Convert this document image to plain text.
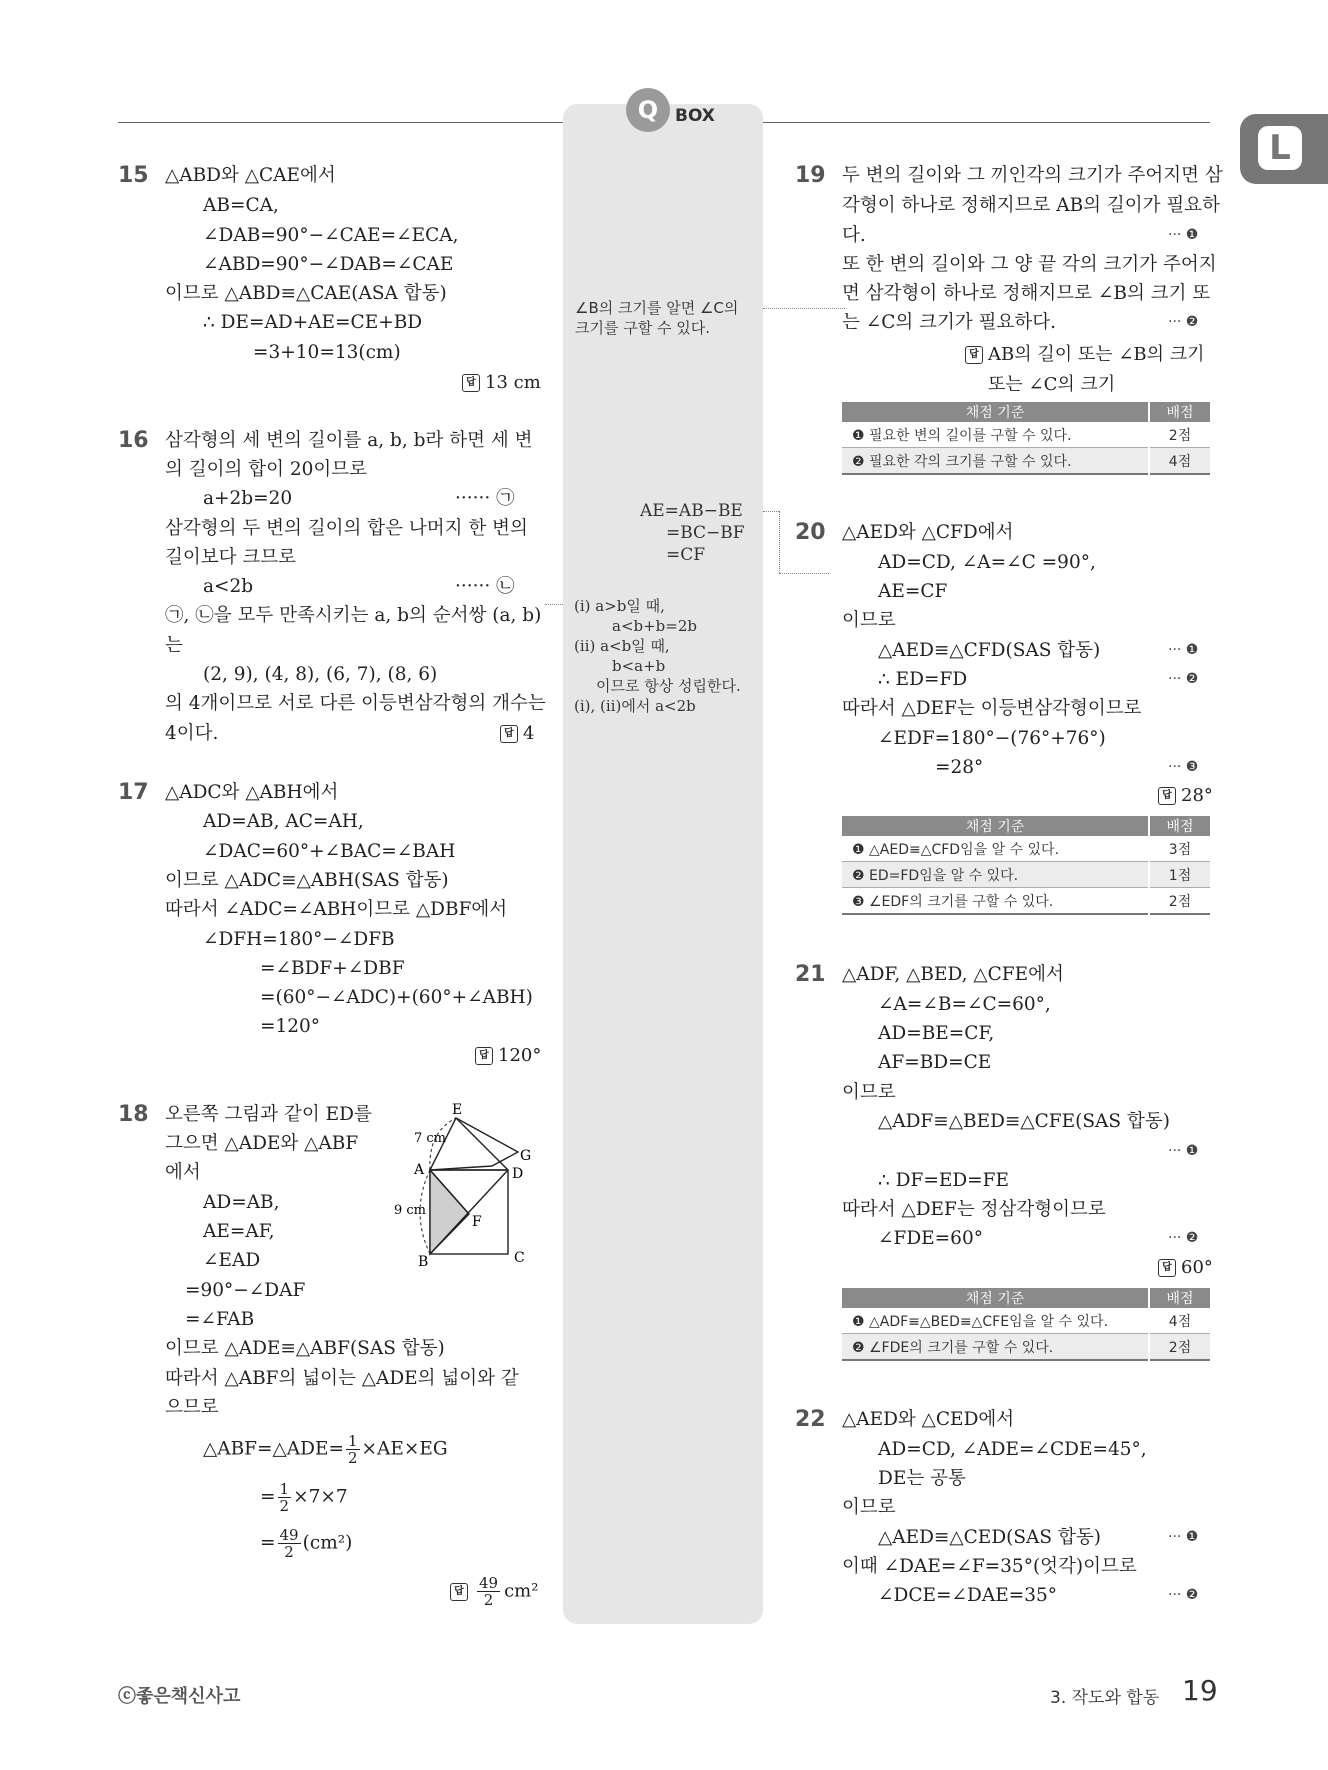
Q BOX
L
15 △ABD와 △CAE에서
AB=CA,
∠DAB=90°−∠CAE=∠ECA,
∠ABD=90°−∠DAB=∠CAE
이므로 △ABD≡△CAE(ASA 합동)
∴ DE=AD+AE=CE+BD
=3+10=13(cm)
답 13 cm
16 삼각형의 세 변의 길이를 a, b, b라 하면 세 변
의 길이의 합이 20이므로
a+2b=20	······ ㉠
삼각형의 두 변의 길이의 합은 나머지 한 변의
길이보다 크므로
a<2b	······ ㉡
㉠, ㉡을 모두 만족시키는 a, b의 순서쌍 (a, b)
는
(2, 9), (4, 8), (6, 7), (8, 6)
의 4개이므로 서로 다른 이등변삼각형의 개수는
4이다.	답 4
17 △ADC와 △ABH에서
AD=AB, AC=AH,
∠DAC=60°+∠BAC=∠BAH
이므로 △ADC≡△ABH(SAS 합동)
따라서 ∠ADC=∠ABH이므로 △DBF에서
∠DFH=180°−∠DFB
=∠BDF+∠DBF
=(60°−∠ADC)+(60°+∠ABH)
=120°
답 120°
18 오른쪽 그림과 같이 ED를
그으면 △ADE와 △ABF
에서
AD=AB,
AE=AF,
∠EAD
=90°−∠DAF
=∠FAB
이므로 △ADE≡△ABF(SAS 합동)
따라서 △ABF의 넓이는 △ADE의 넓이와 같
으므로
△ABF=△ADE= $\frac{1}{2} \times AE\times EG$
= $\frac{1}{2} \times 7\times 7$
= $\frac{49}{2} (cm^2)$
답 $\frac{49}{2} cm^2$
E
A
G
D
F
B	C
7 cm
9 cm
∠B의 크기를 알면 ∠C의
크기를 구할 수 있다.
AE=AB−BE
=BC−BF
=CF
(ⅰ) a>b일 때,
a<b+b=2b
(ⅱ) a<b일 때,
b<a+b
이므로 항상 성립한다.
(ⅰ), (ⅱ)에서 a<2b
19 두 변의 길이와 그 끼인각의 크기가 주어지면 삼
각형이 하나로 정해지므로 AB의 길이가 필요하
다.	··· ❶
또 한 변의 길이와 그 양 끝 각의 크기가 주어지
면 삼각형이 하나로 정해지므로 ∠B의 크기 또
는 ∠C의 크기가 필요하다.	··· ❷
답 AB의 길이 또는 ∠B의 크기
또는 ∠C의 크기
채점 기준	배점
❶ 필요한 변의 길이를 구할 수 있다.	2점
❷ 필요한 각의 크기를 구할 수 있다.	4점
20 △AED와 △CFD에서
AD=CD, ∠A=∠C =90°,
AE=CF
이므로
△AED≡△CFD(SAS 합동)	··· ❶
∴ ED=FD	··· ❷
따라서 △DEF는 이등변삼각형이므로
∠EDF=180°−(76°+76°)
=28°	··· ❸
답 28°
채점 기준	배점
❶ △AED≡△CFD임을 알 수 있다.	3점
❷ ED=FD임을 알 수 있다.	1점
❸ ∠EDF의 크기를 구할 수 있다.	2점
21 △ADF, △BED, △CFE에서
∠A=∠B=∠C=60°,
AD=BE=CF,
AF=BD=CE
이므로
△ADF≡△BED≡△CFE(SAS 합동)
··· ❶
∴ DF=ED=FE
따라서 △DEF는 정삼각형이므로
∠FDE=60°	··· ❷
답 60°
채점 기준	배점
❶ △ADF≡△BED≡△CFE임을 알 수 있다.	4점
❷ ∠FDE의 크기를 구할 수 있다.	2점
22 △AED와 △CED에서
AD=CD, ∠ADE=∠CDE=45°,
DE는 공통
이므로
△AED≡△CED(SAS 합동)	··· ❶
이때 ∠DAE=∠F=35°(엇각)이므로
∠DCE=∠DAE=35°	··· ❷
ⓒ좋은책신사고	3. 작도와 합동 19
